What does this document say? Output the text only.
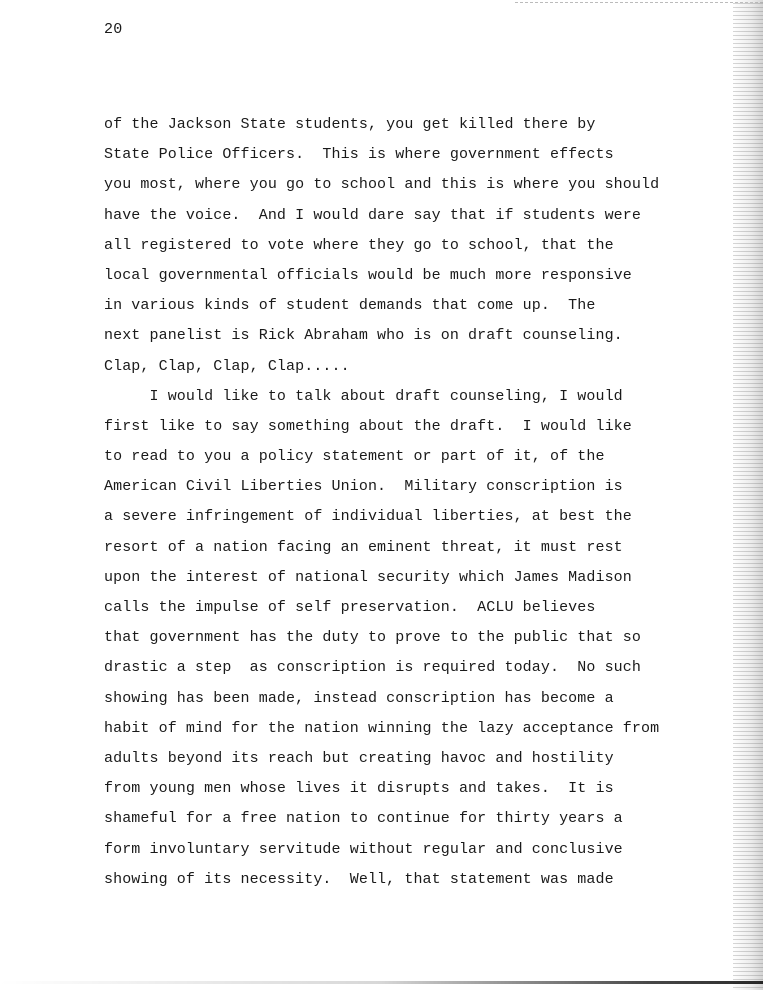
20
of the Jackson State students, you get killed there by
State Police Officers.  This is where government effects
you most, where you go to school and this is where you should
have the voice.  And I would dare say that if students were
all registered to vote where they go to school, that the
local governmental officials would be much more responsive
in various kinds of student demands that come up.  The
next panelist is Rick Abraham who is on draft counseling.
Clap, Clap, Clap, Clap.....
I would like to talk about draft counseling, I would
first like to say something about the draft.  I would like
to read to you a policy statement or part of it, of the
American Civil Liberties Union.  Military conscription is
a severe infringement of individual liberties, at best the
resort of a nation facing an eminent threat, it must rest
upon the interest of national security which James Madison
calls the impulse of self preservation.  ACLU believes
that government has the duty to prove to the public that so
drastic a step  as conscription is required today.  No such
showing has been made, instead conscription has become a
habit of mind for the nation winning the lazy acceptance from
adults beyond its reach but creating havoc and hostility
from young men whose lives it disrupts and takes.  It is
shameful for a free nation to continue for thirty years a
form involuntary servitude without regular and conclusive
showing of its necessity.  Well, that statement was made
